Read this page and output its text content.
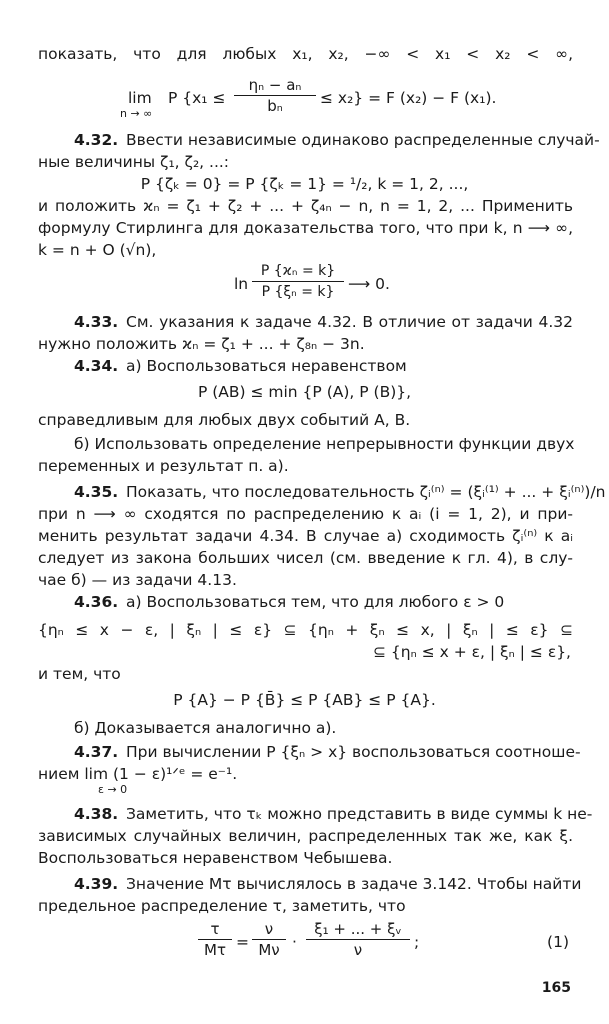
показать, что для любых x₁, x₂, −∞ < x₁ < x₂ < ∞,
lim
n → ∞
P {x₁ ≤
ηₙ − aₙ
bₙ	≤ x₂} = F (x₂) − F (x₁).
4.32. Ввести независимые одинаково распределенные случай-
ные величины ζ₁, ζ₂, ...:
P {ζₖ = 0} = P {ζₖ = 1} = ¹/₂, k = 1, 2, ...,
и положить ϰₙ = ζ₁ + ζ₂ + ... + ζ₄ₙ − n, n = 1, 2, ... Применить
формулу Стирлинга для доказательства того, что при k, n ⟶ ∞,
k = n + O (√n),
ln
P {ϰₙ = k}
P {ξₙ = k} ⟶ 0.
4.33. См. указания к задаче 4.32. В отличие от задачи 4.32
нужно положить ϰₙ = ζ₁ + ... + ζ₈ₙ − 3n.
4.34. а) Воспользоваться неравенством
P (AB) ≤ min {P (A), P (B)},
справедливым для любых двух событий A, B.
б) Использовать определение непрерывности функции двух
переменных и результат п. а).
4.35. Показать, что последовательность ζᵢ⁽ⁿ⁾ = (ξᵢ⁽¹⁾ + ... + ξᵢ⁽ⁿ⁾)/n
при n ⟶ ∞ сходятся по распределению к aᵢ (i = 1, 2), и при-
менить результат задачи 4.34. В случае а) сходимость ζᵢ⁽ⁿ⁾ к aᵢ
следует из закона больших чисел (см. введение к гл. 4), в слу-
чае б) — из задачи 4.13.
4.36. а) Воспользоваться тем, что для любого ε > 0
{ηₙ ≤ x − ε, | ξₙ | ≤ ε} ⊆ {ηₙ + ξₙ ≤ x, | ξₙ | ≤ ε} ⊆
⊆ {ηₙ ≤ x + ε, | ξₙ | ≤ ε},
и тем, что
P {A} − P {B̄} ≤ P {AB} ≤ P {A}.
б) Доказывается аналогично а).
4.37. При вычислении P {ξₙ > x} воспользоваться соотноше-
нием lim (1 − ε)¹ᐟᵉ = e⁻¹.
ε → 0
4.38. Заметить, что τₖ можно представить в виде суммы k не-
зависимых случайных величин, распределенных так же, как ξ.
Воспользоваться неравенством Чебышева.
4.39. Значение Mτ вычислялось в задаче 3.142. Чтобы найти
предельное распределение τ, заметить, что
τ
Mτ =
ν
Mν ·
ξ₁ + ... + ξᵥ
ν	;	(1)
165
